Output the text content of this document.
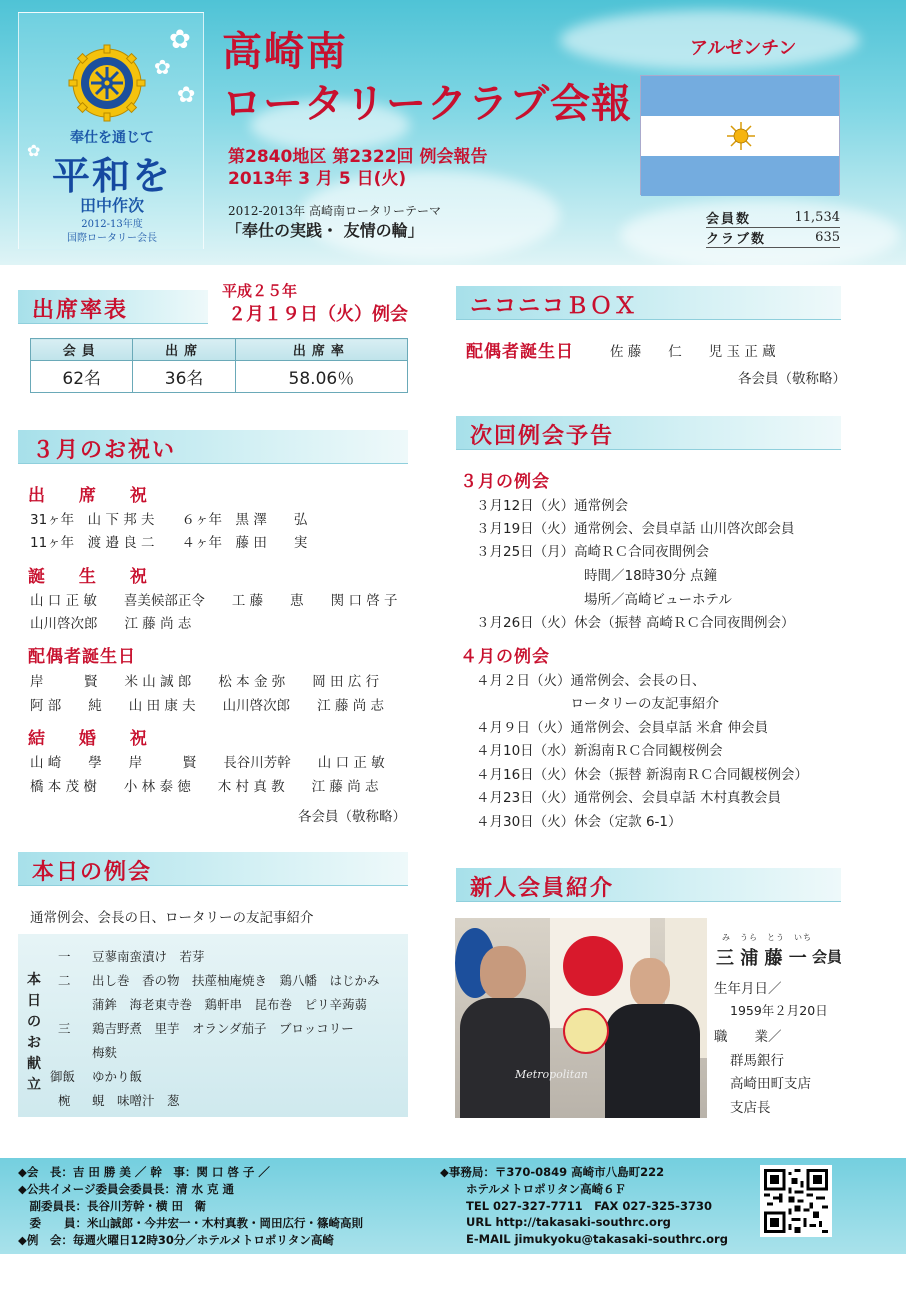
✿
✿
✿
✿
奉仕を通じて
平和を
田中作次
2012-13年度
国際ロータリー会長
高崎南
ロータリークラブ会報
第2840地区 第2322回 例会報告
2013年 3 月 5 日(火)
2012-2013年 高崎南ロータリーテーマ
「奉仕の実践・ 友情の輪」
アルゼンチン
会員数	11,534
クラブ数	635
出席率表
平成２５年
２月１９日（火）例会
会員	出席	出席率
62名	36名	58.06％
３月のお祝い
出 席 祝
31ヶ年　山 下 邦 夫　　６ヶ年　黒 澤　　弘
11ヶ年　渡 邉 良 二　　４ヶ年　藤 田　　実
誕 生 祝
山 口 正 敏　　喜美候部正令　　工 藤　　恵　　関 口 啓 子
山川啓次郎　　江 藤 尚 志
配偶者誕生日
岸　　　賢　　米 山 誠 郎　　松 本 金 弥　　岡 田 広 行
阿 部　　純　　山 田 康 夫　　山川啓次郎　　江 藤 尚 志
結 婚 祝
山 崎　　學　　岸　　　賢　　長谷川芳幹　　山 口 正 敏
橋 本 茂 樹　　小 林 泰 徳　　木 村 真 教　　江 藤 尚 志
各会員（敬称略）
本日の例会
通常例会、会長の日、ロータリーの友記事紹介
本
日
の
お
献
立
一 豆蓼南蛮漬け　若芽
二 出し巻　香の物　扶蓙柚庵焼き　鶏八幡　はじかみ
蒲鉾　海老東寺巻　鶏軒串　昆布巻　ピリ辛蒟蒻
三 鶏吉野煮　里芋　オランダ茄子　ブロッコリー
梅麩
御飯 ゆかり飯
椀 蜆　味噌汁　葱
ニコニコＢＯＸ
配偶者誕生日	佐 藤　　仁　　児 玉 正 蔵
各会員（敬称略）
次回例会予告
３月の例会
３月12日（火）通常例会
３月19日（火）通常例会、会員卓話 山川啓次郎会員
３月25日（月）高崎ＲＣ合同夜間例会
　　　　　　　　時間／18時30分 点鐘
　　　　　　　　場所／高崎ビューホテル
３月26日（火）休会（振替 高崎ＲＣ合同夜間例会）
４月の例会
４月２日（火）通常例会、会長の日、
　　　　　　　ロータリーの友記事紹介
４月９日（火）通常例会、会員卓話 米倉 伸会員
４月10日（水）新潟南ＲＣ合同観桜例会
４月16日（火）休会（振替 新潟南ＲＣ合同観桜例会）
４月23日（火）通常例会、会員卓話 木村真教会員
４月30日（火）休会（定款 6-1）
新人会員紹介
Metropolitan
み　うら　とう　いち
三 浦 藤 一 会員
生年月日／
1959年２月20日
職　　業／
群馬銀行
高崎田町支店
支店長
◆会　長：吉 田 勝 美 ／ 幹　事：関 口 啓 子 ／
◆公共イメージ委員会委員長：清 水 克 通
　副委員長：長谷川芳幹・横 田　衛
　委　　員：米山誠郎・今井宏一・木村真教・岡田広行・篠崎高則
◆例　会：毎週火曜日12時30分／ホテルメトロポリタン高崎
◆事務局：〒370-0849 高崎市八島町222
ホテルメトロポリタン高崎６Ｆ
TEL 027-327-7711　FAX 027-325-3730
URL http://takasaki-southrc.org
E-MAIL jimukyoku@takasaki-southrc.org
